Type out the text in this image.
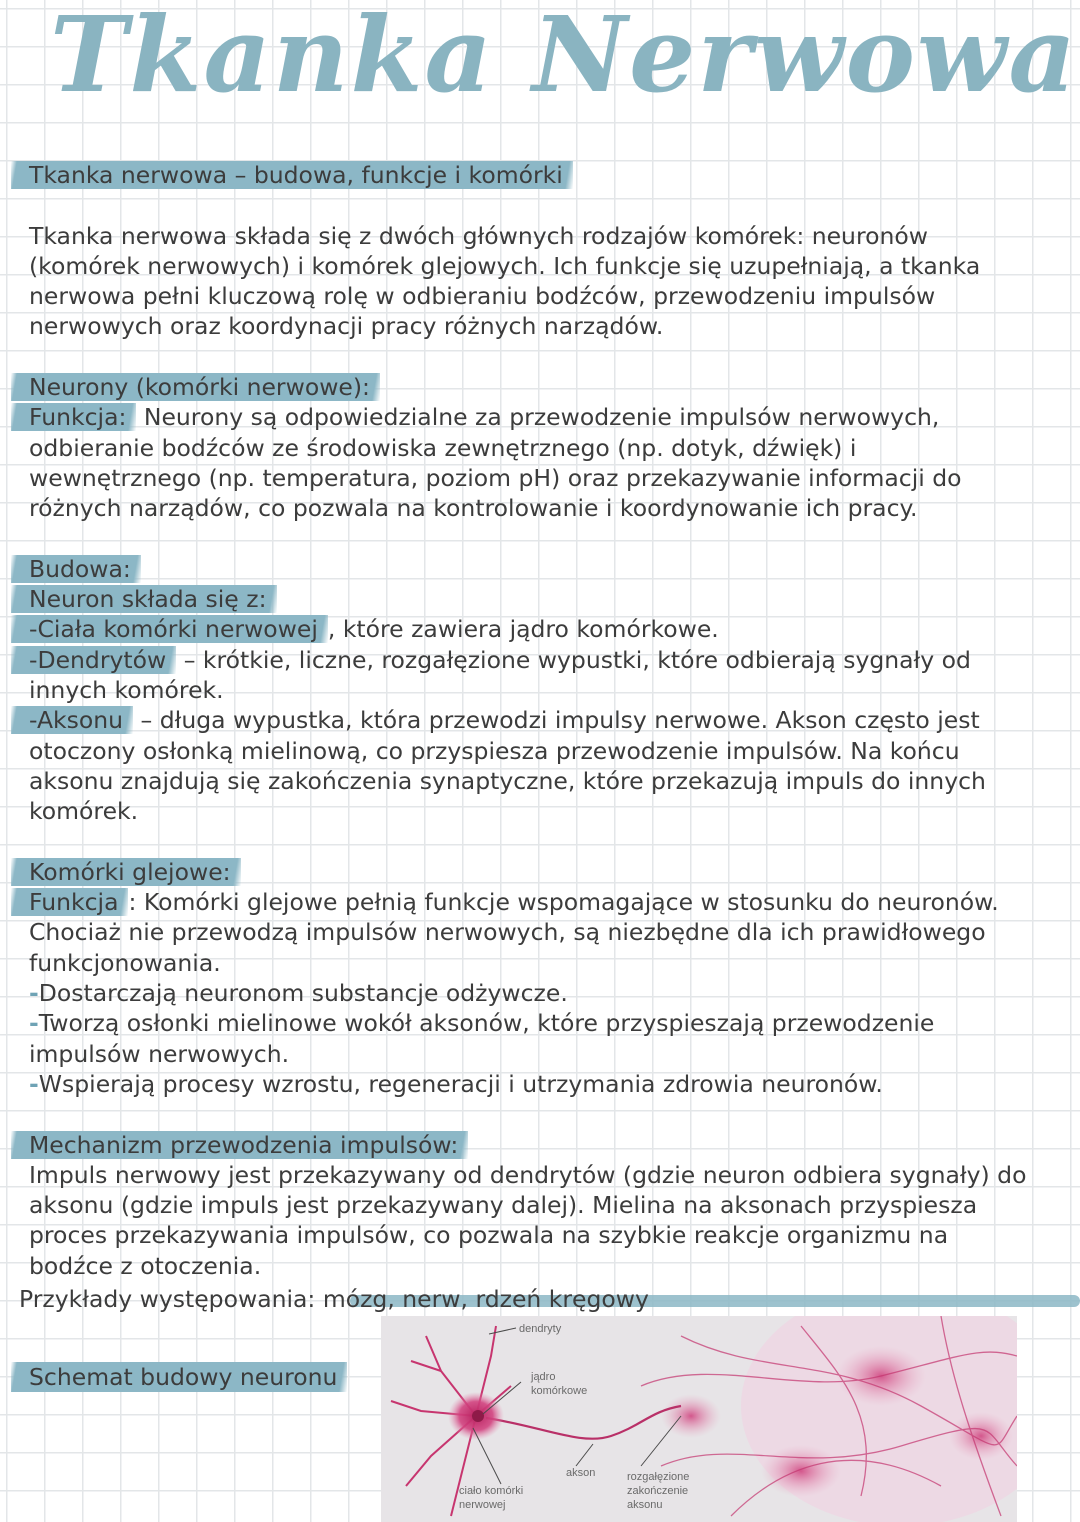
Tkanka Nerwowa
Tkanka nerwowa – budowa, funkcje i komórki
Tkanka nerwowa składa się z dwóch głównych rodzajów komórek: neuronów
(komórek nerwowych) i komórek glejowych. Ich funkcje się uzupełniają, a tkanka
nerwowa pełni kluczową rolę w odbieraniu bodźców, przewodzeniu impulsów
nerwowych oraz koordynacji pracy różnych narządów.
Neurony (komórki nerwowe):
Funkcja: Neurony są odpowiedzialne za przewodzenie impulsów nerwowych,
odbieranie bodźców ze środowiska zewnętrznego (np. dotyk, dźwięk) i
wewnętrznego (np. temperatura, poziom pH) oraz przekazywanie informacji do
różnych narządów, co pozwala na kontrolowanie i koordynowanie ich pracy.
Budowa:
Neuron składa się z:
-Ciała komórki nerwowej , które zawiera jądro komórkowe.
-Dendrytów – krótkie, liczne, rozgałęzione wypustki, które odbierają sygnały od
innych komórek.
-Aksonu – długa wypustka, która przewodzi impulsy nerwowe. Akson często jest
otoczony osłonką mielinową, co przyspiesza przewodzenie impulsów. Na końcu
aksonu znajdują się zakończenia synaptyczne, które przekazują impuls do innych
komórek.
Komórki glejowe:
Funkcja : Komórki glejowe pełnią funkcje wspomagające w stosunku do neuronów.
Chociaż nie przewodzą impulsów nerwowych, są niezbędne dla ich prawidłowego
funkcjonowania.
-Dostarczają neuronom substancje odżywcze.
-Tworzą osłonki mielinowe wokół aksonów, które przyspieszają przewodzenie
impulsów nerwowych.
-Wspierają procesy wzrostu, regeneracji i utrzymania zdrowia neuronów.
Mechanizm przewodzenia impulsów:
Impuls nerwowy jest przekazywany od dendrytów (gdzie neuron odbiera sygnały) do
aksonu (gdzie impuls jest przekazywany dalej). Mielina na aksonach przyspiesza
proces przekazywania impulsów, co pozwala na szybkie reakcje organizmu na
bodźce z otoczenia.
Przykłady występowania: mózg, nerw, rdzeń kręgowy
Schemat budowy neuronu
dendryty
jądro
komórkowe
akson
ciało komórki
nerwowej
rozgałęzione
zakończenie
aksonu
